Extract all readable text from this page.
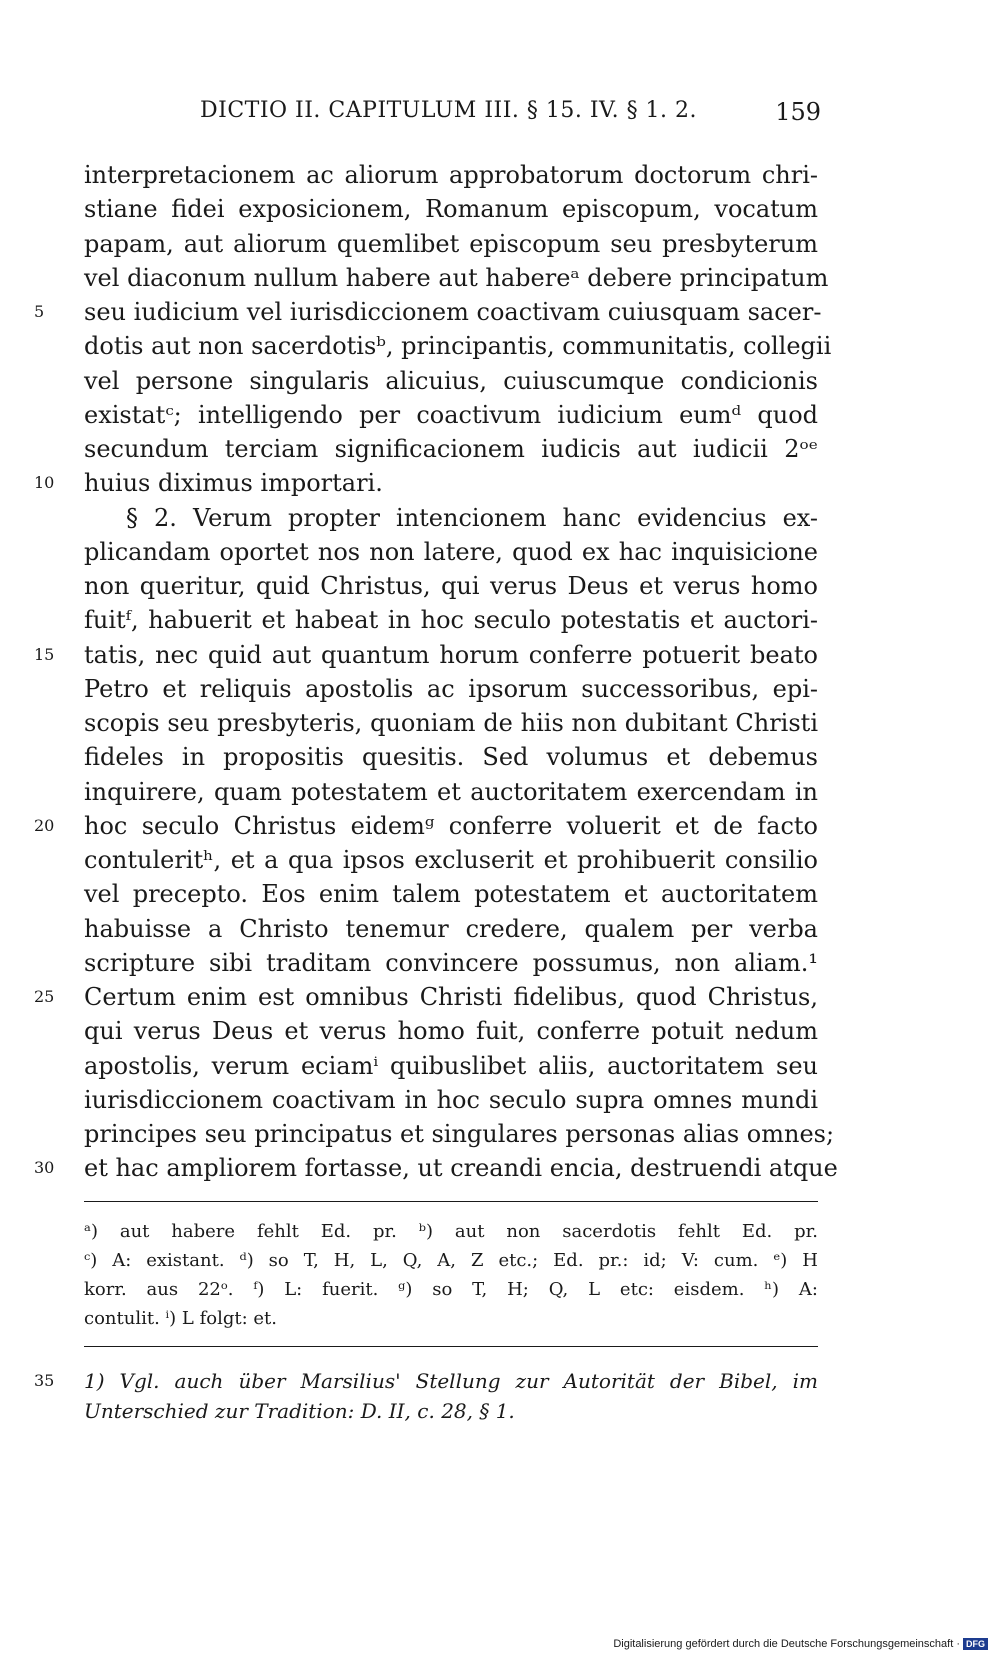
DICTIO II. CAPITULUM III. § 15. IV. § 1. 2.	159
interpretacionem ac aliorum approbatorum doctorum chri-
stiane fidei exposicionem, Romanum episcopum, vocatum
papam, aut aliorum quemlibet episcopum seu presbyterum
vel diaconum nullum habere aut habereᵃ debere principatum
seu iudicium vel iurisdiccionem coactivam cuiusquam sacer-
5
dotis aut non sacerdotisᵇ, principantis, communitatis, collegii
vel persone singularis alicuius, cuiuscumque condicionis
existatᶜ; intelligendo per coactivum iudicium eumᵈ quod
secundum terciam significacionem iudicis aut iudicii 2ᵒᵉ
huius diximus importari.
10
§ 2. Verum propter intencionem hanc evidencius ex-
plicandam oportet nos non latere, quod ex hac inquisicione
non queritur, quid Christus, qui verus Deus et verus homo
fuitᶠ, habuerit et habeat in hoc seculo potestatis et auctori-
tatis, nec quid aut quantum horum conferre potuerit beato
15
Petro et reliquis apostolis ac ipsorum successoribus, epi-
scopis seu presbyteris, quoniam de hiis non dubitant Christi
fideles in propositis quesitis. Sed volumus et debemus
inquirere, quam potestatem et auctoritatem exercendam in
hoc seculo Christus eidemᵍ conferre voluerit et de facto
20
contuleritʰ, et a qua ipsos excluserit et prohibuerit consilio
vel precepto. Eos enim talem potestatem et auctoritatem
habuisse a Christo tenemur credere, qualem per verba
scripture sibi traditam convincere possumus, non aliam.¹
Certum enim est omnibus Christi fidelibus, quod Christus,
25
qui verus Deus et verus homo fuit, conferre potuit nedum
apostolis, verum eciamⁱ quibuslibet aliis, auctoritatem seu
iurisdiccionem coactivam in hoc seculo supra omnes mundi
principes seu principatus et singulares personas alias omnes;
et hac ampliorem fortasse, ut creandi encia, destruendi atque
30
ᵃ) aut habere fehlt Ed. pr. ᵇ) aut non sacerdotis fehlt Ed. pr.
ᶜ) A: existant. ᵈ) so T, H, L, Q, A, Z etc.; Ed. pr.: id; V: cum. ᵉ) H
korr. aus 22ᵒ. ᶠ) L: fuerit. ᵍ) so T, H; Q, L etc: eisdem. ʰ) A:
contulit. ⁱ) L folgt: et.
1) Vgl. auch über Marsilius' Stellung zur Autorität der Bibel, im
35
Unterschied zur Tradition: D. II, c. 28, § 1.
Digitalisierung gefördert durch die Deutsche Forschungsgemeinschaft · DFG
